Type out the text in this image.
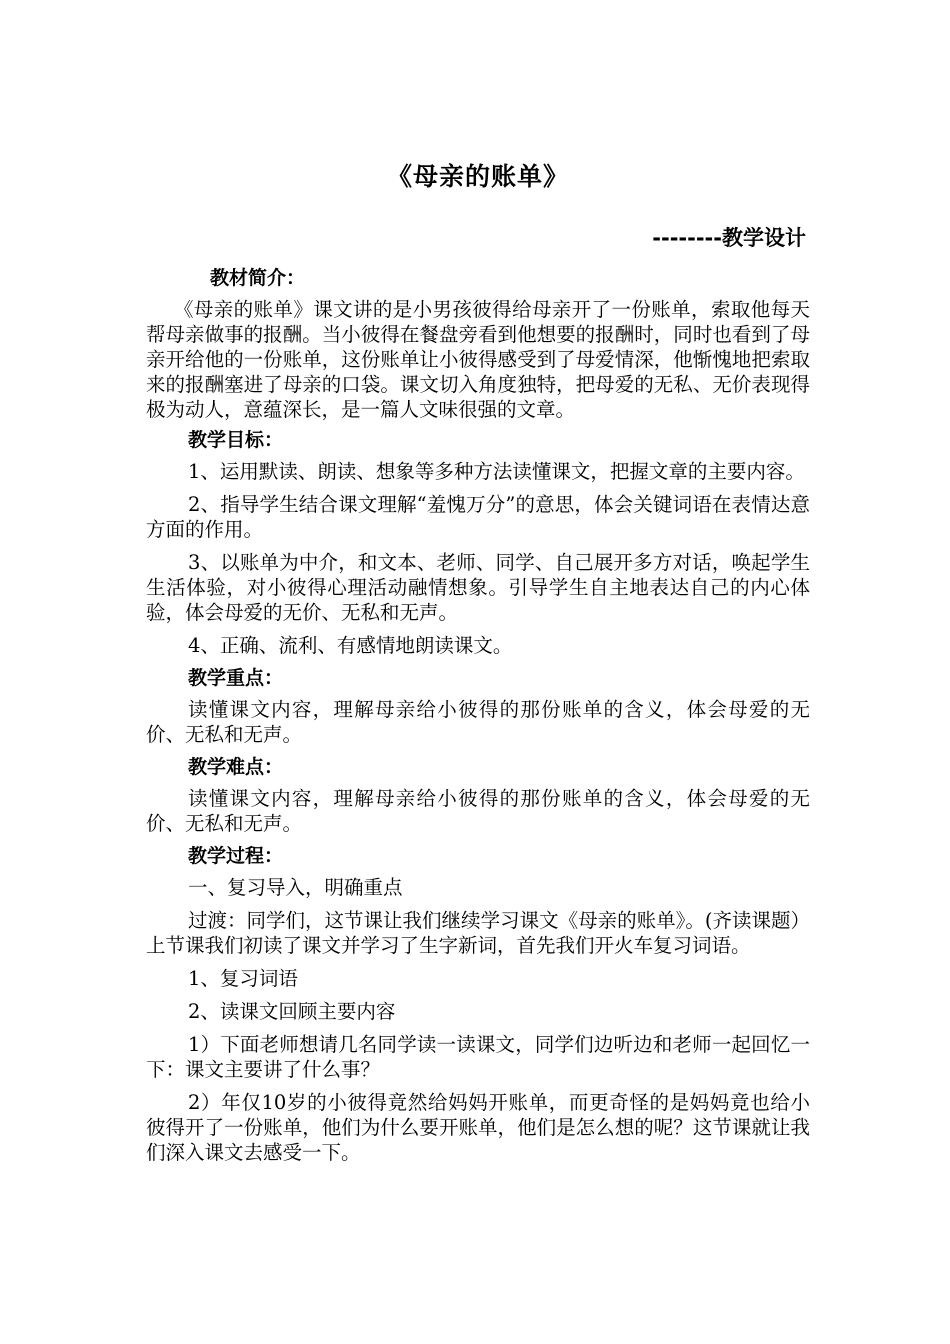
《母亲的账单》
--------教学设计
教材简介：

《母亲的账单》课文讲的是小男孩彼得给母亲开了一份账单，索取他每天帮母亲做事的报酬。当小彼得在餐盘旁看到他想要的报酬时，同时也看到了母亲开给他的一份账单，这份账单让小彼得感受到了母爱情深，他惭愧地把索取来的报酬塞进了母亲的口袋。课文切入角度独特，把母爱的无私、无价表现得极为动人，意蕴深长，是一篇人文味很强的文章。

教学目标：

1、运用默读、朗读、想象等多种方法读懂课文，把握文章的主要内容。

2、指导学生结合课文理解“羞愧万分”的意思，体会关键词语在表情达意方面的作用。

3、以账单为中介，和文本、老师、同学、自己展开多方对话，唤起学生生活体验，对小彼得心理活动融情想象。引导学生自主地表达自己的内心体验，体会母爱的无价、无私和无声。

4、正确、流利、有感情地朗读课文。

教学重点：

读懂课文内容，理解母亲给小彼得的那份账单的含义，体会母爱的无价、无私和无声。

教学难点：

读懂课文内容，理解母亲给小彼得的那份账单的含义，体会母爱的无价、无私和无声。

教学过程：

一、复习导入，明确重点

过渡：同学们，这节课让我们继续学习课文《母亲的账单》。(齐读课题）上节课我们初读了课文并学习了生字新词，首先我们开火车复习词语。

1、复习词语

2、读课文回顾主要内容

1）下面老师想请几名同学读一读课文，同学们边听边和老师一起回忆一下：课文主要讲了什么事？

2）年仅10岁的小彼得竟然给妈妈开账单，而更奇怪的是妈妈竟也给小彼得开了一份账单，他们为什么要开账单，他们是怎么想的呢？这节课就让我们深入课文去感受一下。
